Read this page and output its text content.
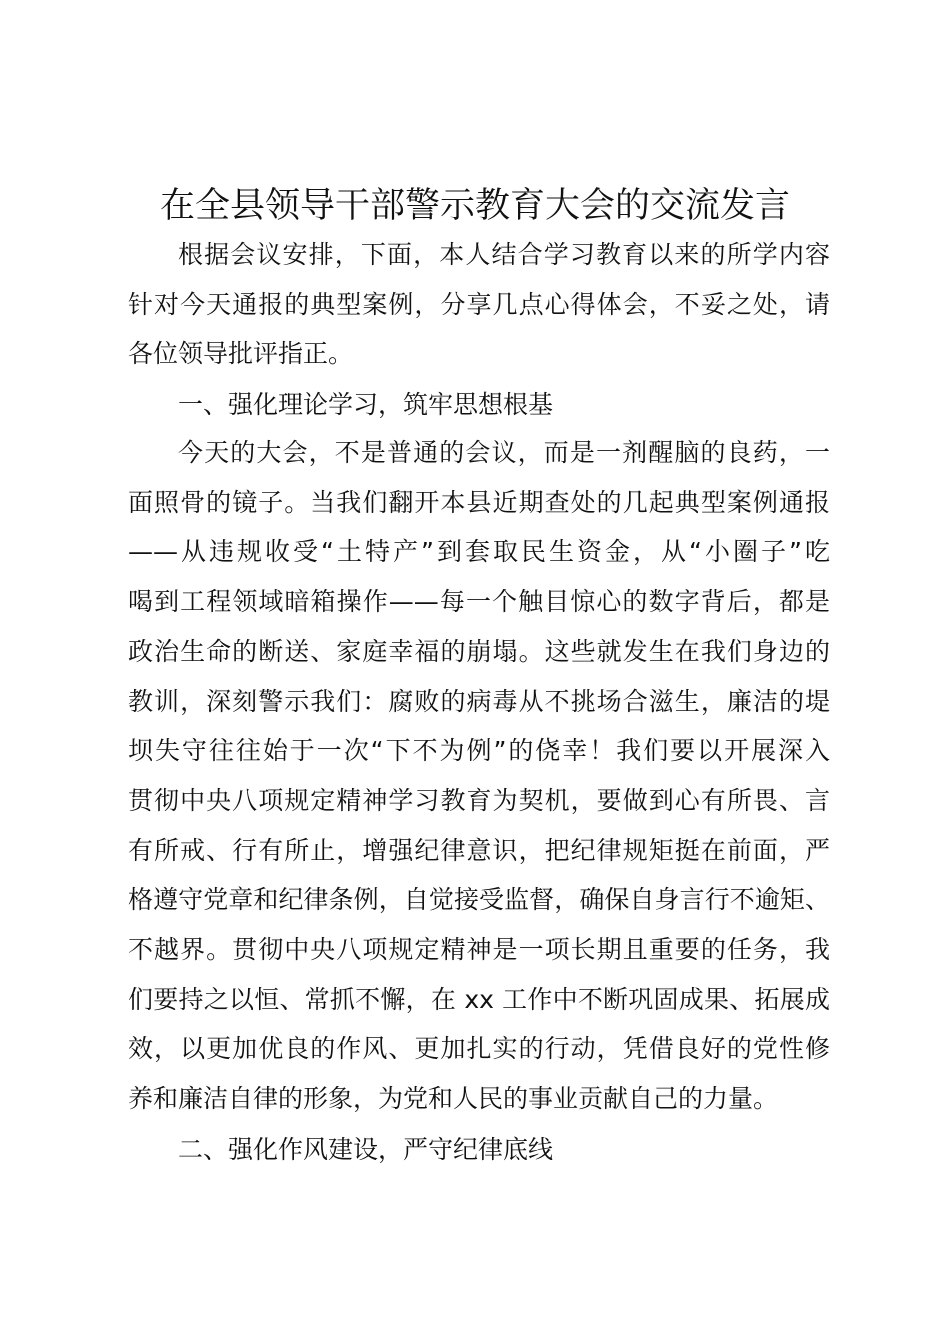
在全县领导干部警示教育大会的交流发言
根据会议安排，下面，本人结合学习教育以来的所学内容
针对今天通报的典型案例，分享几点心得体会，不妥之处，请
各位领导批评指正。
一、强化理论学习，筑牢思想根基
今天的大会，不是普通的会议，而是一剂醒脑的良药，一
面照骨的镜子。当我们翻开本县近期查处的几起典型案例通报
——从违规收受“土特产”到套取民生资金，从“小圈子”吃
喝到工程领域暗箱操作——每一个触目惊心的数字背后，都是
政治生命的断送、家庭幸福的崩塌。这些就发生在我们身边的
教训，深刻警示我们：腐败的病毒从不挑场合滋生，廉洁的堤
坝失守往往始于一次“下不为例”的侥幸！我们要以开展深入
贯彻中央八项规定精神学习教育为契机，要做到心有所畏、言
有所戒、行有所止，增强纪律意识，把纪律规矩挺在前面，严
格遵守党章和纪律条例，自觉接受监督，确保自身言行不逾矩、
不越界。贯彻中央八项规定精神是一项长期且重要的任务，我
们要持之以恒、常抓不懈，在 xx 工作中不断巩固成果、拓展成
效，以更加优良的作风、更加扎实的行动，凭借良好的党性修
养和廉洁自律的形象，为党和人民的事业贡献自己的力量。
二、强化作风建设，严守纪律底线
